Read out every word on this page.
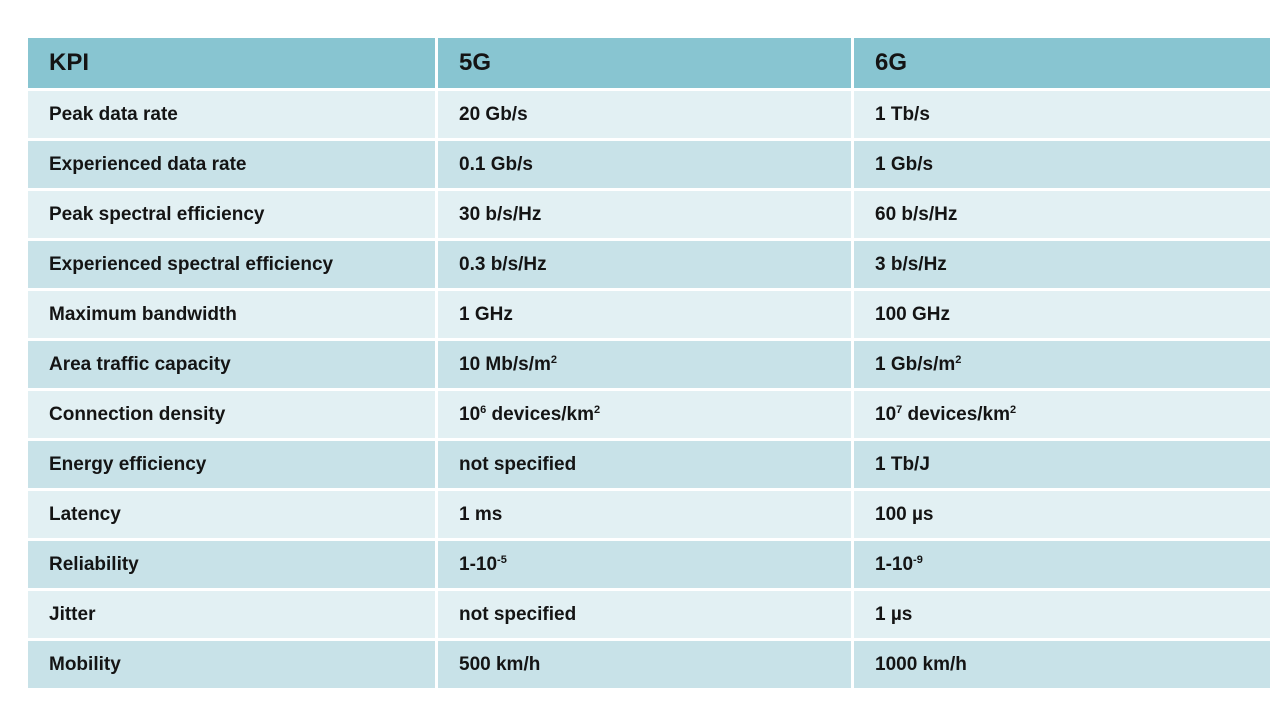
KPI	5G	6G
Peak data rate	20 Gb/s	1 Tb/s
Experienced data rate	0.1 Gb/s	1 Gb/s
Peak spectral efficiency	30 b/s/Hz	60 b/s/Hz
Experienced spectral efficiency	0.3 b/s/Hz	3 b/s/Hz
Maximum bandwidth	1 GHz	100 GHz
Area traffic capacity	10 $Mb/s/m^2$	1 $Gb/s/m^2$
Connection density	$10^6$ devices/$km^2$	$10^7$ devices/$km^2$
Energy efficiency	not specified	1 Tb/J
Latency	1 ms	100 µs
Reliability	$1-10^{-5}$	$1-10^{-9}$
Jitter	not specified	1 µs
Mobility	500 km/h	1000 km/h
